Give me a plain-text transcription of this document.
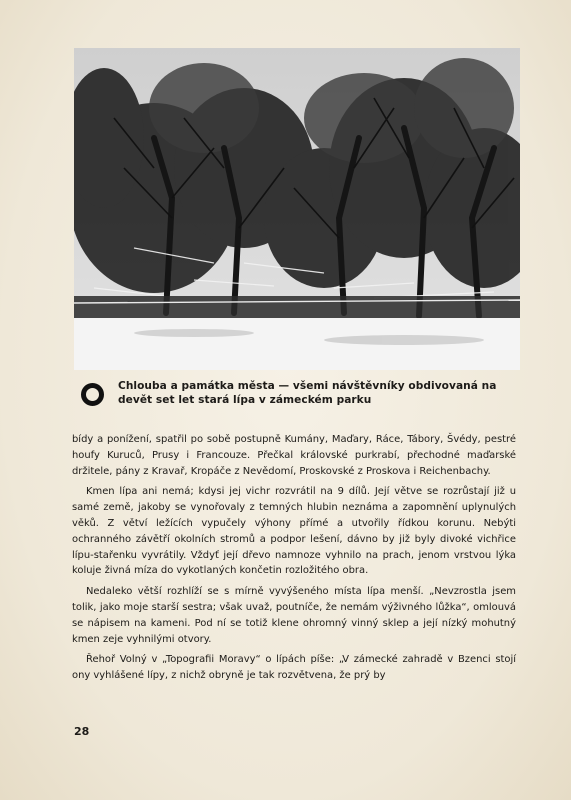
Chlouba a památka města — všemi návštěvníky obdivovaná na devět set let stará lípa v zámeckém parku

bídy a ponížení, spatřil po sobě postupně Kumány, Maďary, Ráce, Tábory, Švédy, pestré houfy Kuruců, Prusy i Francouze. Přečkal královské purkrabí, přechodné maďarské držitele, pány z Kravař, Kropáče z Nevědomí, Proskovské z Proskova i Reichenbachy.

Kmen lípa ani nemá; kdysi jej vichr rozvrátil na 9 dílů. Její větve se rozrůstají již u samé země, jakoby se vynořovaly z temných hlubin neznáma a zapomnění uplynulých věků. Z větví ležících vypučely výhony přímé a utvořily řídkou korunu. Nebýti ochranného závětří okolních stromů a podpor lešení, dávno by již byly divoké vichřice lípu-stařenku vyvrátily. Vždyť její dřevo namnoze vyhnilo na prach, jenom vrstvou lýka koluje živná míza do vykotlaných končetin rozložitého obra.

Nedaleko větší rozhlíží se s mírně vyvýšeného místa lípa menší. „Nevzrostla jsem tolik, jako moje starší sestra; však uvaž, poutníče, že nemám výživného lůžka“, omlouvá se nápisem na kameni. Pod ní se totiž klene ohromný vinný sklep a její nízký mohutný kmen zeje vyhnilými otvory.

Řehoř Volný v „Topografii Moravy“ o lípách píše: „V zámecké zahradě v Bzenci stojí ony vyhlášené lípy, z nichž obryně je tak rozvětvena, že prý by

28
